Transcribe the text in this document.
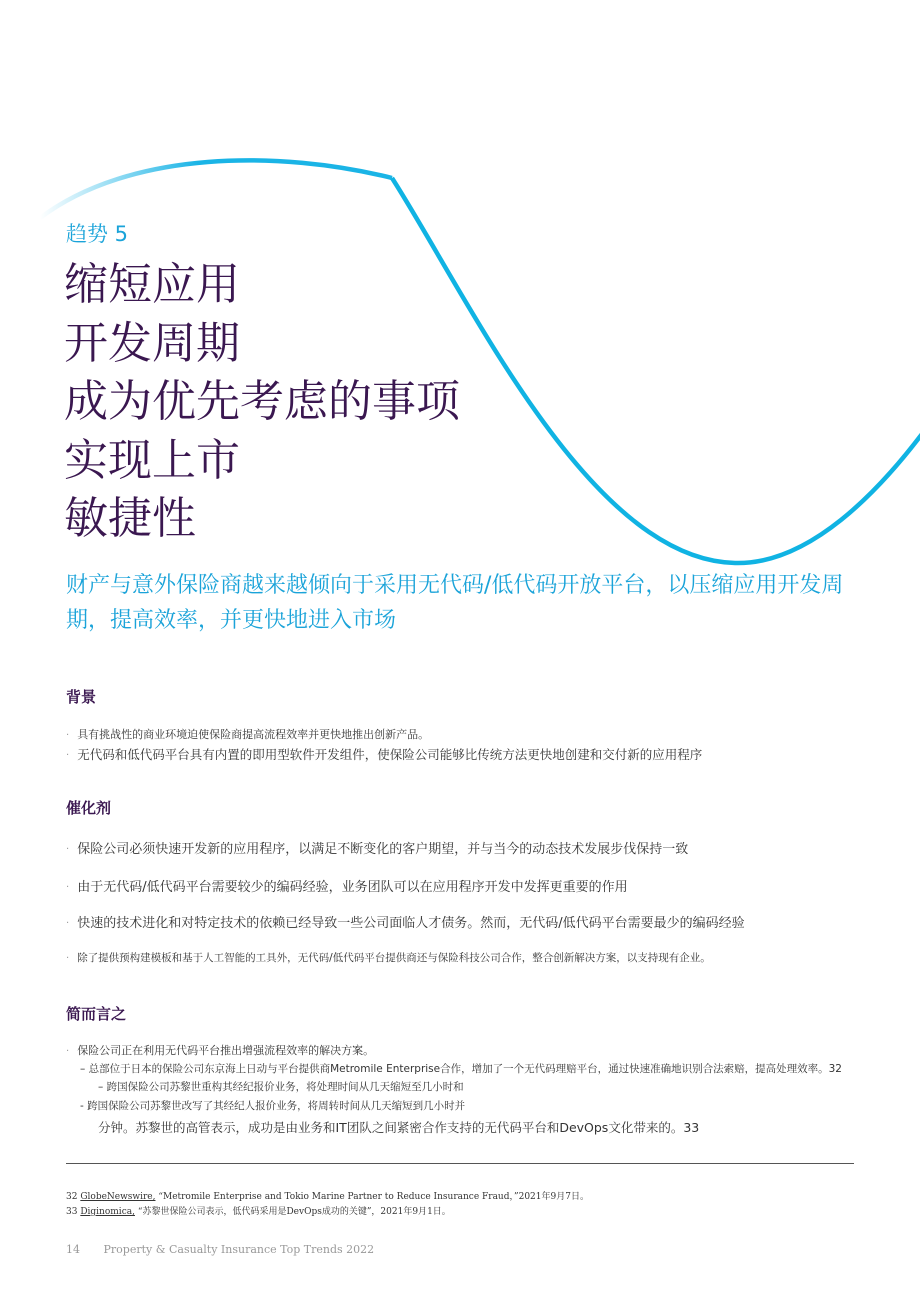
趋势 5
缩短应用
开发周期
成为优先考虑的事项
实现上市
敏捷性

财产与意外保险商越来越倾向于采用无代码/低代码开放平台，以压缩应用开发周期，提高效率，并更快地进入市场

背景
· 具有挑战性的商业环境迫使保险商提高流程效率并更快地推出创新产品。
· 无代码和低代码平台具有内置的即用型软件开发组件，使保险公司能够比传统方法更快地创建和交付新的应用程序
催化剂
· 保险公司必须快速开发新的应用程序，以满足不断变化的客户期望，并与当今的动态技术发展步伐保持一致
· 由于无代码/低代码平台需要较少的编码经验，业务团队可以在应用程序开发中发挥更重要的作用
· 快速的技术进化和对特定技术的依赖已经导致一些公司面临人才债务。然而，无代码/低代码平台需要最少的编码经验
· 除了提供预构建模板和基于人工智能的工具外，无代码/低代码平台提供商还与保险科技公司合作，整合创新解决方案，以支持现有企业。
简而言之
· 保险公司正在利用无代码平台推出增强流程效率的解决方案。
– 总部位于日本的保险公司东京海上日动与平台提供商Metromile Enterprise合作，增加了一个无代码理赔平台，通过快速准确地识别合法索赔，提高处理效率。32
– 跨国保险公司苏黎世重构其经纪报价业务，将处理时间从几天缩短至几小时和
- 跨国保险公司苏黎世改写了其经纪人报价业务，将周转时间从几天缩短到几小时并
分钟。苏黎世的高管表示，成功是由业务和IT团队之间紧密合作支持的无代码平台和DevOps文化带来的。33
32 GlobeNewswire, “Metromile Enterprise and Tokio Marine Partner to Reduce Insurance Fraud，”2021年9月7日。
33 Diginomica, “苏黎世保险公司表示，低代码采用是DevOps成功的关键”，2021年9月1日。
14 Property & Casualty Insurance Top Trends 2022
